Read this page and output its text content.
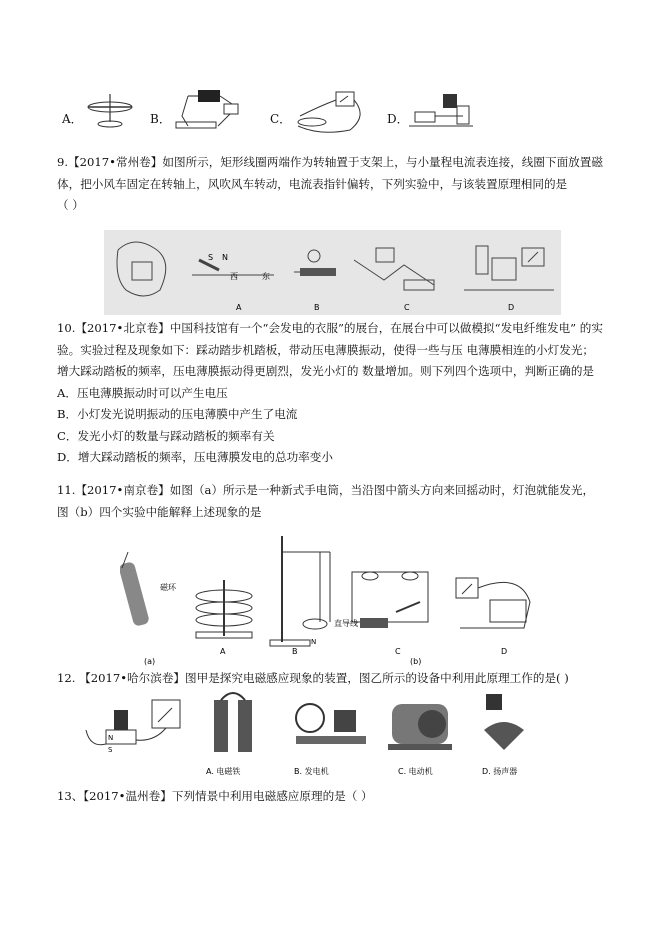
A．	B．	C．	D．
9.【2017•常州卷】如图所示，矩形线圈两端作为转轴置于支架上，与小量程电流表连接，线圈下面放置磁
体，把小风车固定在转轴上，风吹风车转动，电流表指针偏转，下列实验中，与该装置原理相同的是
（ ）
S N
西	东
A	B	C	D
10.【2017•北京卷】中国科技馆有一个“会发电的衣服”的展台，在展台中可以做模拟“发电纤维发电” 的实
验。实验过程及现象如下：踩动踏步机踏板，带动压电薄膜振动，使得一些与压 电薄膜相连的小灯发光；
增大踩动踏板的频率，压电薄膜振动得更剧烈，发光小灯的 数量增加。则下列四个选项中，判断正确的是
A．压电薄膜振动时可以产生电压
B．小灯发光说明振动的压电薄膜中产生了电流
C．发光小灯的数量与踩动踏板的频率有关
D．增大踩动踏板的频率，压电薄膜发电的总功率变小
11.【2017•南京卷】如图（a）所示是一种新式手电筒，当沿图中箭头方向来回摇动时，灯泡就能发光，
图（b）四个实验中能解释上述现象的是
(a)
磁环
A
直导线
N
B	C
(b)
D
12. 【2017•哈尔滨卷】图甲是探究电磁感应现象的装置，图乙所示的设备中利用此原理工作的是( )
N
S
A. 电磁铁	B. 发电机	C. 电动机	D. 扬声器
13、【2017•温州卷】下列情景中利用电磁感应原理的是（ ）
